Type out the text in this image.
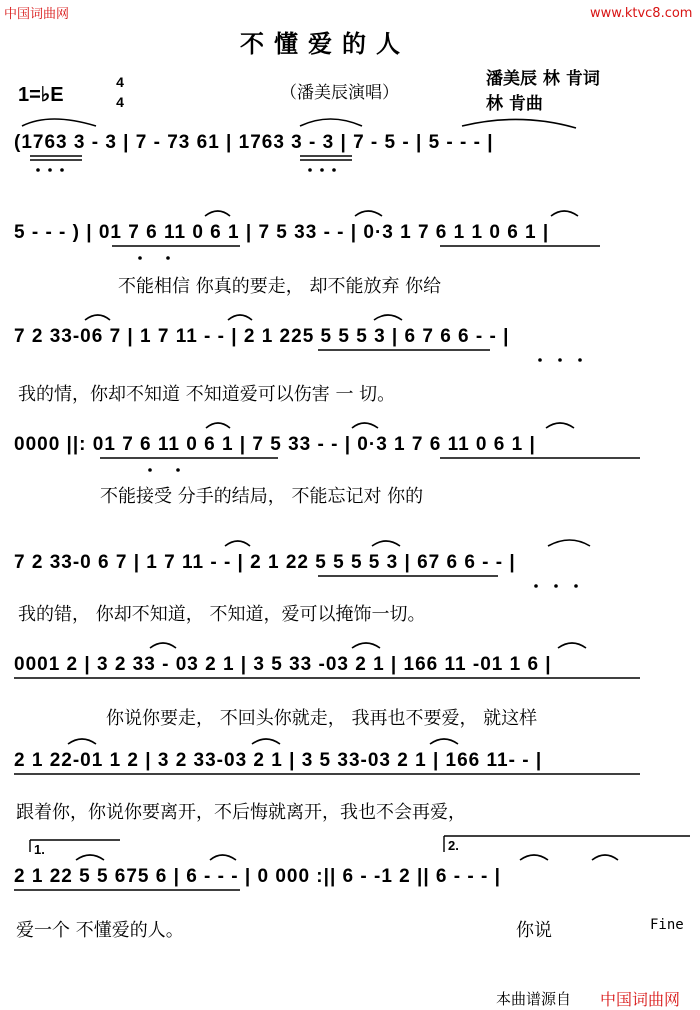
中国词曲网	www.ktvc8.com
不懂爱的人
1=♭E
4
4	（潘美辰演唱）
潘美辰 林 肯词
林 肯曲
(1763 3 - 3 | 7 - 73 61 | 1763 3 - 3 | 7 - 5 - | 5 - - - |
5 - - - ) | 01 7 6 11 0 6 1 | 7 5 33 - - | 0·3 1 7 6 1 1 0 6 1 |
不能相信 你真的要走， 却不能放弃 你给
7 2 33-06 7 | 1 7 11 - - | 2 1 225 5 5 5 3 | 6 7 6 6 - - |
我的情，你却不知道 不知道爱可以伤害 一 切。
0000 ||: 01 7 6 11 0 6 1 | 7 5 33 - - | 0·3 1 7 6 11 0 6 1 |
不能接受 分手的结局， 不能忘记对 你的
7 2 33-0 6 7 | 1 7 11 - - | 2 1 22 5 5 5 5 3 | 67 6 6 - - |
我的错， 你却不知道， 不知道，爱可以掩饰一切。
0001 2 | 3 2 33 - 03 2 1 | 3 5 33 -03 2 1 | 166 11 -01 1 6 |
你说你要走， 不回头你就走， 我再也不要爱， 就这样
2 1 22-01 1 2 | 3 2 33-03 2 1 | 3 5 33-03 2 1 | 166 11- - |
跟着你，你说你要离开，不后悔就离开，我也不会再爱，
1.	2.
2 1 22 5 5 675 6 | 6 - - - | 0 000 :|| 6 - -1 2 || 6 - - - |
爱一个 不懂爱的人。	你说	Fine
本曲谱源自 中国词曲网
